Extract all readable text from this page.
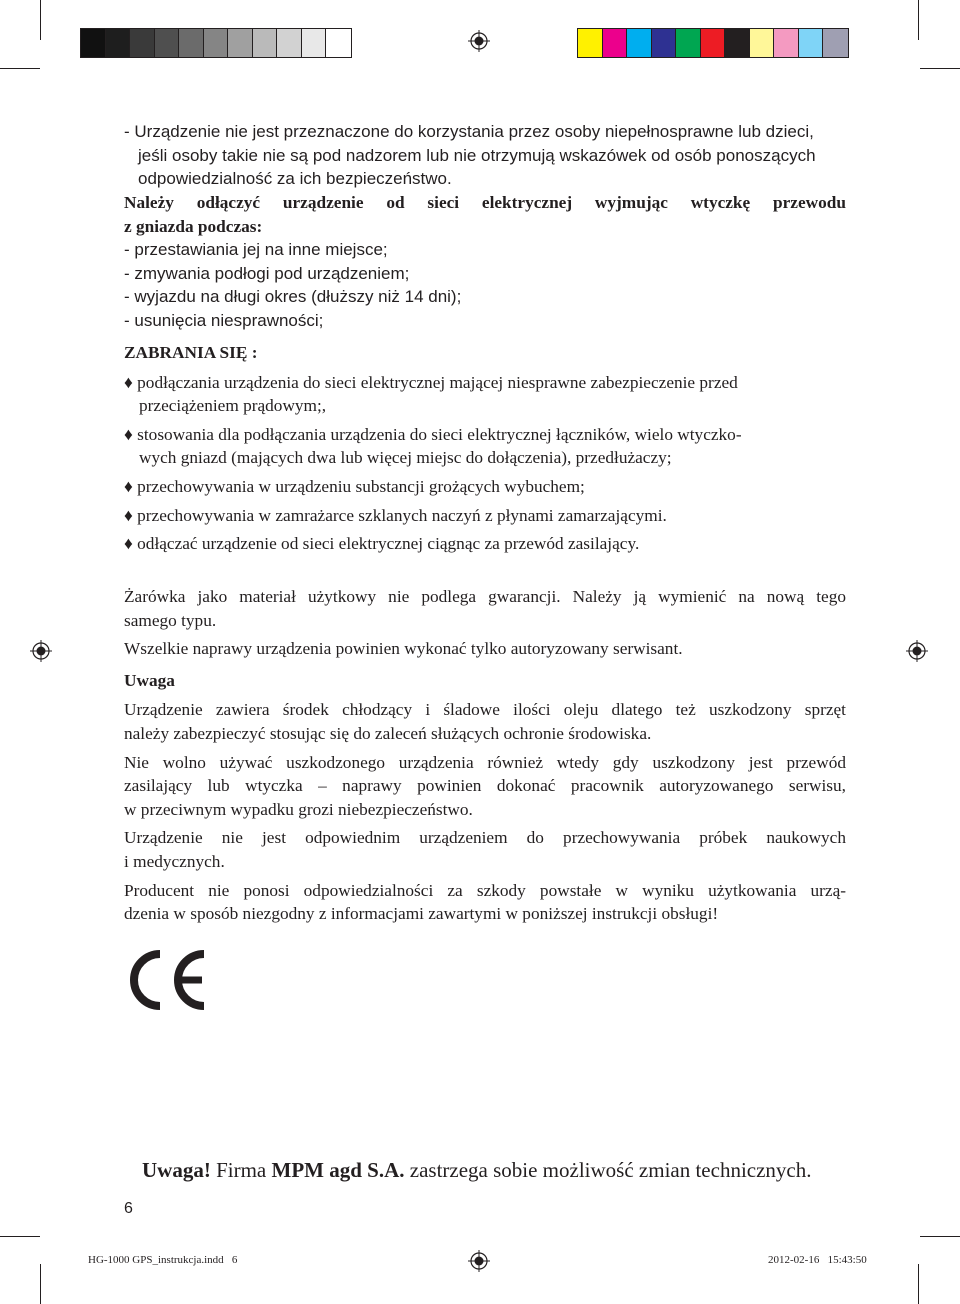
- Urządzenie nie jest przeznaczone do korzystania przez osoby niepełnosprawne lub dzieci,
jeśli osoby takie nie są pod nadzorem lub nie otrzymują wskazówek od osób ponoszących
odpowiedzialność za ich bezpieczeństwo.
Należy odłączyć urządzenie od sieci elektrycznej wyjmując wtyczkę przewodu
z gniazda podczas:
- przestawiania jej na inne miejsce;
- zmywania podłogi pod urządzeniem;
- wyjazdu na długi okres (dłuższy niż 14 dni);
- usunięcia niesprawności;
ZABRANIA SIĘ :
♦ podłączania urządzenia do sieci elektrycznej mającej niesprawne zabezpieczenie przed
przeciążeniem prądowym;,
♦ stosowania dla podłączania urządzenia do sieci elektrycznej łączników, wielo wtyczko-
wych gniazd (mających dwa lub więcej miejsc do dołączenia), przedłużaczy;
♦ przechowywania w urządzeniu substancji grożących wybuchem;
♦ przechowywania w zamrażarce szklanych naczyń z płynami zamarzającymi.
♦ odłączać urządzenie od sieci elektrycznej ciągnąc za przewód zasilający.
Żarówka jako materiał użytkowy nie podlega gwarancji. Należy ją wymienić na nową tego
samego typu.
Wszelkie naprawy urządzenia powinien wykonać tylko autoryzowany serwisant.
Uwaga
Urządzenie zawiera środek chłodzący i śladowe ilości oleju dlatego też uszkodzony sprzęt
należy zabezpieczyć stosując się do zaleceń służących ochronie środowiska.
Nie wolno używać uszkodzonego urządzenia również wtedy gdy uszkodzony jest przewód
zasilający lub wtyczka – naprawy powinien dokonać pracownik autoryzowanego serwisu,
w przeciwnym wypadku grozi niebezpieczeństwo.
Urządzenie nie jest odpowiednim urządzeniem do przechowywania próbek naukowych
i medycznych.
Producent nie ponosi odpowiedzialności za szkody powstałe w wyniku użytkowania urzą-
dzenia w sposób niezgodny z informacjami zawartymi w poniższej instrukcji obsługi!
Uwaga! Firma MPM agd S.A. zastrzega sobie możliwość zmian technicznych.
6
HG-1000 GPS_instrukcja.indd   6	2012-02-16   15:43:50
